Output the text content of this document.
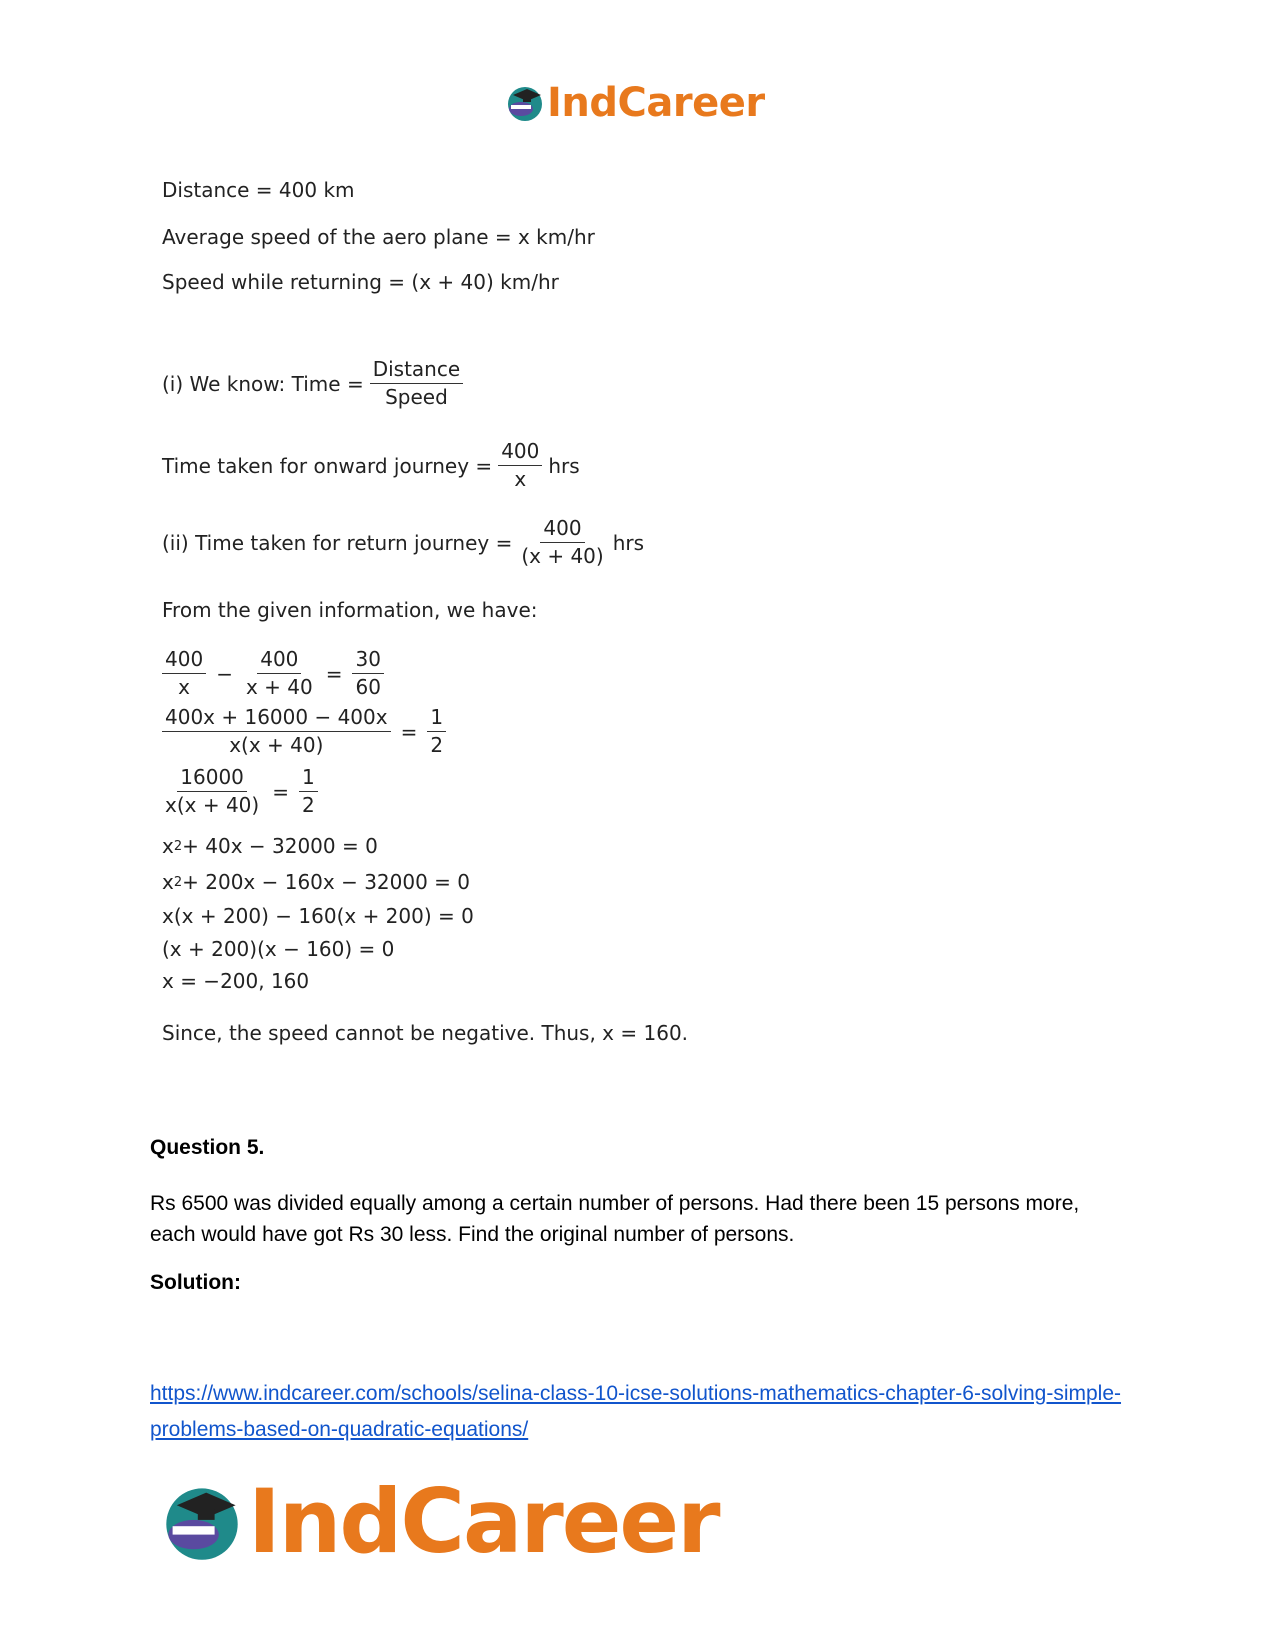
IndCareer
Distance = 400 km
Average speed of the aero plane = x km/hr
Speed while returning = (x + 40) km/hr
(i) We know: Time = $\frac{\text{Distance}}{\text{Speed}}$
Time taken for onward journey = $\frac{400}{x}$ hrs
(ii) Time taken for return journey = $\frac{400}{(x + 40)}$ hrs
From the given information, we have:
$\frac{400}{x} - \frac{400}{x + 40} = \frac{30}{60}$
$\frac{400x + 16000 - 400x}{x(x + 40)} = \frac{1}{2}$
$\frac{16000}{x(x + 40)} = \frac{1}{2}$
x 2 + 40x − 32000 = 0
x 2 + 200x − 160x − 32000 = 0
x(x + 200) − 160(x + 200) = 0
(x + 200)(x − 160) = 0
x = −200, 160
Since, the speed cannot be negative. Thus, x = 160.
Question 5.
Rs 6500 was divided equally among a certain number of persons. Had there been 15 persons more, each would have got Rs 30 less. Find the original number of persons.
Solution:
https://www.indcareer.com/schools/selina-class-10-icse-solutions-mathematics-chapter-6-solving-simple-problems-based-on-quadratic-equations/
IndCareer
